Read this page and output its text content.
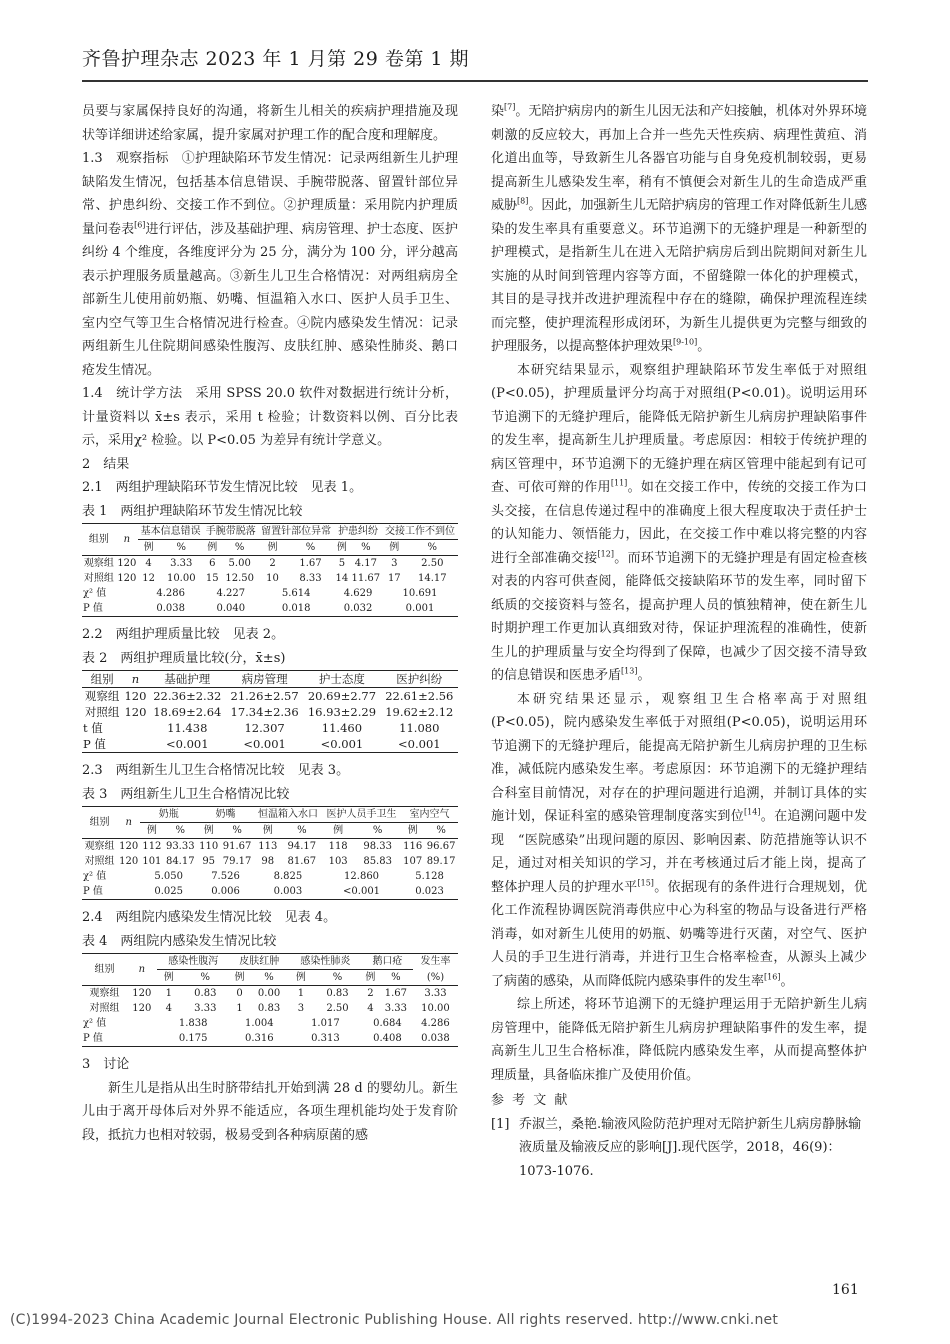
齐鲁护理杂志 2023 年 1 月第 29 卷第 1 期

员要与家属保持良好的沟通，将新生儿相关的疾病护理措施及现状等详细讲述给家属，提升家属对护理工作的配合度和理解度。

1.3　观察指标　①护理缺陷环节发生情况：记录两组新生儿护理缺陷发生情况，包括基本信息错误、手腕带脱落、留置针部位异常、护患纠纷、交接工作不到位。②护理质量：采用院内护理质量问卷表[6]进行评估，涉及基础护理、病房管理、护士态度、医护纠纷 4 个维度，各维度评分为 25 分，满分为 100 分，评分越高表示护理服务质量越高。③新生儿卫生合格情况：对两组病房全部新生儿使用前奶瓶、奶嘴、恒温箱入水口、医护人员手卫生、室内空气等卫生合格情况进行检查。④院内感染发生情况：记录两组新生儿住院期间感染性腹泻、皮肤红肿、感染性肺炎、鹅口疮发生情况。

1.4　统计学方法　采用 SPSS 20.0 软件对数据进行统计分析，计量资料以 x̄±s 表示，采用 t 检验；计数资料以例、百分比表示，采用χ² 检验。以 P<0.05 为差异有统计学意义。

2　结果

2.1　两组护理缺陷环节发生情况比较　见表 1。

表 1　两组护理缺陷环节发生情况比较

组别	n	基本信息错误		手腕带脱落		留置针部位异常		护患纠纷		交接工作不到位	
		例	%	例	%	例	%	例	%	例	%
观察组	120	4	3.33	6	5.00	2	1.67	5	4.17	3	2.50
对照组	120	12	10.00	15	12.50	10	8.33	14	11.67	17	14.17
χ² 值		4.286		4.227		5.614		4.629		10.691	
P 值		0.038		0.040		0.018		0.032		0.001	

2.2　两组护理质量比较　见表 2。

表 2　两组护理质量比较(分，x̄±s)

组别	n	基础护理	病房管理	护士态度	医护纠纷
观察组	120	22.36±2.32	21.26±2.57	20.69±2.77	22.61±2.56
对照组	120	18.69±2.64	17.34±2.36	16.93±2.29	19.62±2.12
t 值		11.438	12.307	11.460	11.080
P 值		<0.001	<0.001	<0.001	<0.001

2.3　两组新生儿卫生合格情况比较　见表 3。

表 3　两组新生儿卫生合格情况比较

组别	n	奶瓶		奶嘴		恒温箱入水口		医护人员手卫生		室内空气	
		例	%	例	%	例	%	例	%	例	%
观察组	120	112	93.33	110	91.67	113	94.17	118	98.33	116	96.67
对照组	120	101	84.17	95	79.17	98	81.67	103	85.83	107	89.17
χ² 值		5.050		7.526		8.825		12.860		5.128	
P 值		0.025		0.006		0.003		<0.001		0.023	

2.4　两组院内感染发生情况比较　见表 4。

表 4　两组院内感染发生情况比较

组别	n	感染性腹泻		皮肤红肿		感染性肺炎		鹅口疮		发生率
		例	%	例	%	例	%	例	%	(%)
观察组	120	1	0.83	0	0.00	1	0.83	2	1.67	3.33
对照组	120	4	3.33	1	0.83	3	2.50	4	3.33	10.00
χ² 值		1.838		1.004		1.017		0.684		4.286
P 值		0.175		0.316		0.313		0.408		0.038

3　讨论

新生儿是指从出生时脐带结扎开始到满 28 d 的婴幼儿。新生儿由于离开母体后对外界不能适应，各项生理机能均处于发育阶段，抵抗力也相对较弱，极易受到各种病原菌的感

染[7]。无陪护病房内的新生儿因无法和产妇接触，机体对外界环境刺激的反应较大，再加上合并一些先天性疾病、病理性黄疸、消化道出血等，导致新生儿各器官功能与自身免疫机制较弱，更易提高新生儿感染发生率，稍有不慎便会对新生儿的生命造成严重威胁[8]。因此，加强新生儿无陪护病房的管理工作对降低新生儿感染的发生率具有重要意义。环节追溯下的无缝护理是一种新型的护理模式，是指新生儿在进入无陪护病房后到出院期间对新生儿实施的从时间到管理内容等方面，不留缝隙一体化的护理模式，其目的是寻找并改进护理流程中存在的缝隙，确保护理流程连续而完整，使护理流程形成闭环，为新生儿提供更为完整与细致的护理服务，以提高整体护理效果[9-10]。

本研究结果显示，观察组护理缺陷环节发生率低于对照组(P<0.05)，护理质量评分均高于对照组(P<0.01)。说明运用环节追溯下的无缝护理后，能降低无陪护新生儿病房护理缺陷事件的发生率，提高新生儿护理质量。考虑原因：相较于传统护理的病区管理中，环节追溯下的无缝护理在病区管理中能起到有记可查、可依可辩的作用[11]。如在交接工作中，传统的交接工作为口头交接，在信息传递过程中的准确度上很大程度取决于责任护士的认知能力、领悟能力，因此，在交接工作中难以将完整的内容进行全部准确交接[12]。而环节追溯下的无缝护理是有固定检查核对表的内容可供查阅，能降低交接缺陷环节的发生率，同时留下纸质的交接资料与签名，提高护理人员的慎独精神，使在新生儿时期护理工作更加认真细致对待，保证护理流程的准确性，使新生儿的护理质量与安全均得到了保障，也减少了因交接不清导致的信息错误和医患矛盾[13]。

本研究结果还显示，观察组卫生合格率高于对照组(P<0.05)，院内感染发生率低于对照组(P<0.05)，说明运用环节追溯下的无缝护理后，能提高无陪护新生儿病房护理的卫生标准，减低院内感染发生率。考虑原因：环节追溯下的无缝护理结合科室目前情况，对存在的护理问题进行追溯，并制订具体的实施计划，保证科室的感染管理制度落实到位[14]。在追溯问题中发现　“医院感染”出现问题的原因、影响因素、防范措施等认识不足，通过对相关知识的学习，并在考核通过后才能上岗，提高了整体护理人员的护理水平[15]。依据现有的条件进行合理规划，优化工作流程协调医院消毒供应中心为科室的物品与设备进行严格消毒，如对新生儿使用的奶瓶、奶嘴等进行灭菌，对空气、医护人员的手卫生进行消毒，并进行卫生合格率检查，从源头上减少了病菌的感染，从而降低院内感染事件的发生率[16]。

综上所述，将环节追溯下的无缝护理运用于无陪护新生儿病房管理中，能降低无陪护新生儿病房护理缺陷事件的发生率，提高新生儿卫生合格标准，降低院内感染发生率，从而提高整体护理质量，具备临床推广及使用价值。

参 考 文 献

[1] 乔淑兰，桑艳.输液风险防范护理对无陪护新生儿病房静脉输液质量及输液反应的影响[J].现代医学，2018，46(9)：1073-1076.
161
(C)1994-2023 China Academic Journal Electronic Publishing House. All rights reserved. http://www.cnki.net
